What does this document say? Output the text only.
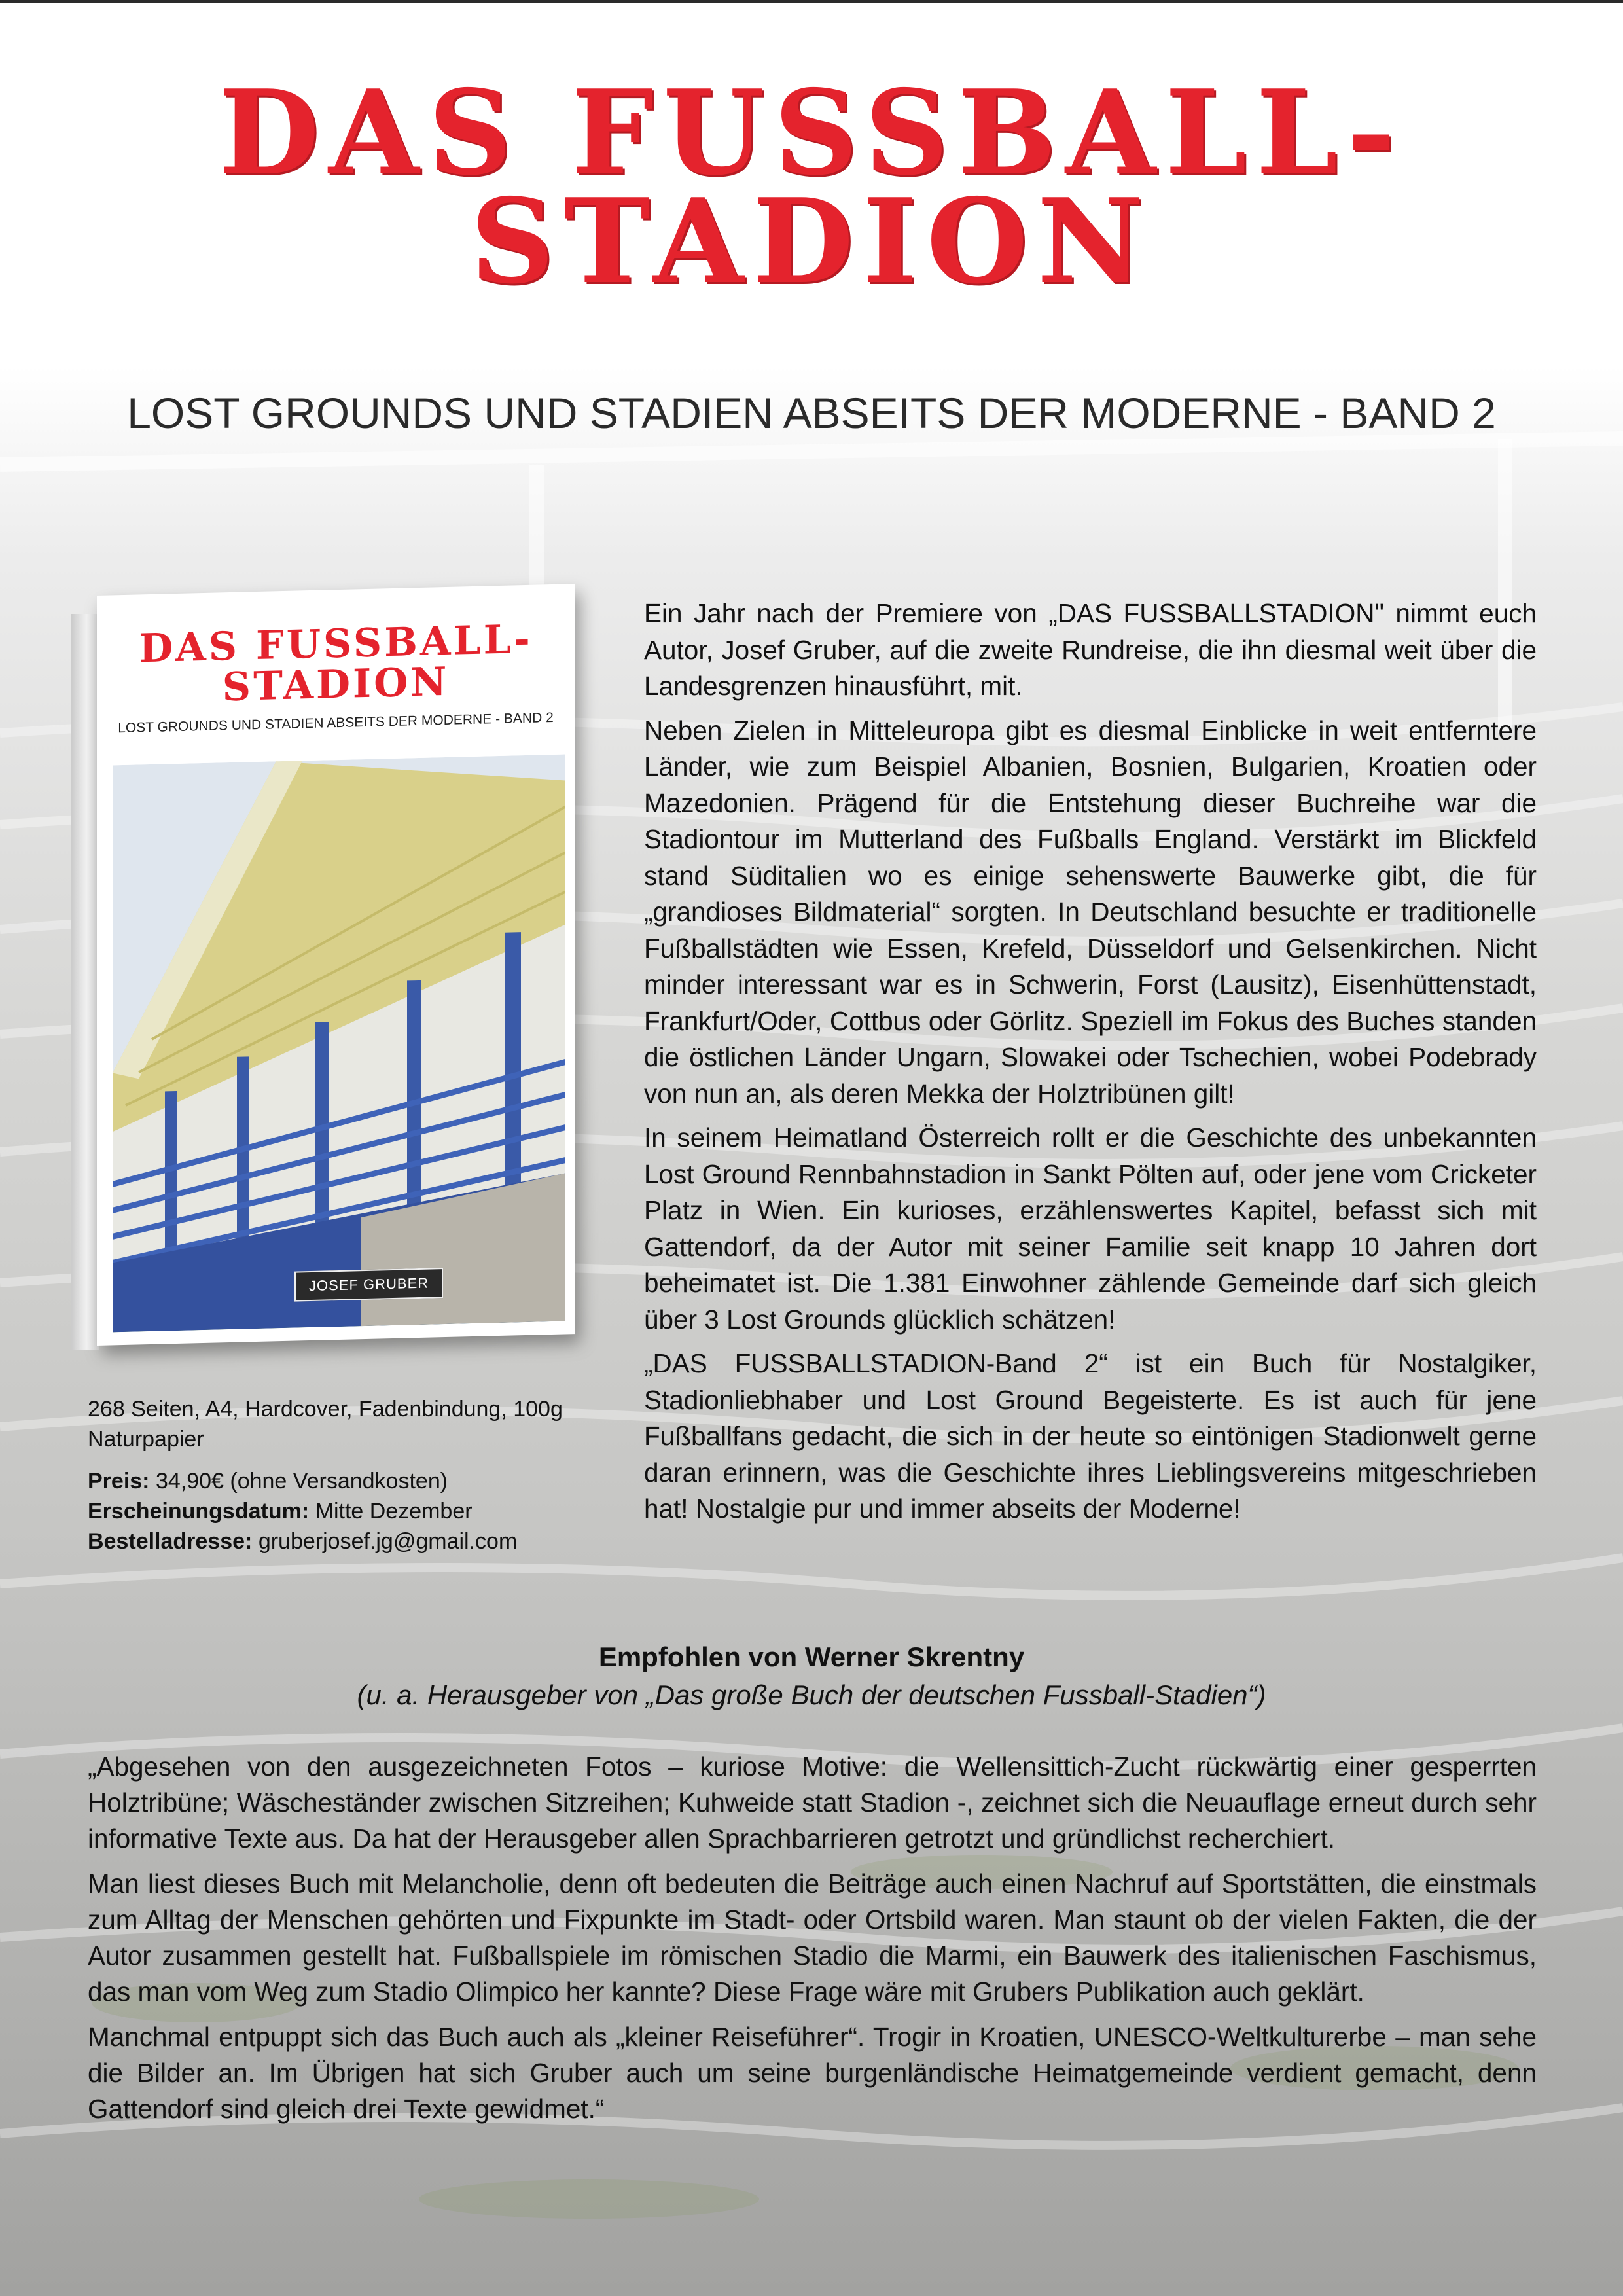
DAS FUSSBALL-
STADION
LOST GROUNDS UND STADIEN ABSEITS DER MODERNE - BAND 2
DAS FUSSBALL-
STADION
LOST GROUNDS UND STADIEN ABSEITS DER MODERNE - BAND 2
JOSEF GRUBER

268 Seiten, A4, Hardcover, Fadenbindung, 100g Naturpapier

Preis: 34,90€ (ohne Versandkosten)
Erscheinungsdatum: Mitte Dezember
Bestelladresse: gruberjosef.jg@gmail.com

Ein Jahr nach der Premiere von „DAS FUSSBALLSTADION" nimmt euch Autor, Josef Gruber, auf die zweite Rundreise, die ihn diesmal weit über die Landesgrenzen hinausführt, mit.

Neben Zielen in Mitteleuropa gibt es diesmal Einblicke in weit entferntere Länder, wie zum Beispiel Albanien, Bosnien, Bulgarien, Kroatien oder Mazedonien. Prägend für die Entstehung dieser Buchreihe war die Stadiontour im Mutterland des Fußballs England. Verstärkt im Blickfeld stand Süditalien wo es einige sehenswerte Bauwerke gibt, die für „grandioses Bildmaterial“ sorgten. In Deutschland besuchte er traditionelle Fußballstädten wie Essen, Krefeld, Düsseldorf und Gelsenkirchen. Nicht minder interessant war es in Schwerin, Forst (Lausitz), Eisenhüttenstadt, Frankfurt/Oder, Cottbus oder Görlitz. Speziell im Fokus des Buches standen die östlichen Länder Ungarn, Slowakei oder Tschechien, wobei Podebrady von nun an, als deren Mekka der Holztribünen gilt!

In seinem Heimatland Österreich rollt er die Geschichte des unbekannten Lost Ground Rennbahnstadion in Sankt Pölten auf, oder jene vom Cricketer Platz in Wien. Ein kurioses, erzählenswertes Kapitel, befasst sich mit Gattendorf, da der Autor mit seiner Familie seit knapp 10 Jahren dort beheimatet ist. Die 1.381 Einwohner zählende Gemeinde darf sich gleich über 3 Lost Grounds glücklich schätzen!

„DAS FUSSBALLSTADION-Band 2“ ist ein Buch für Nostalgiker, Stadionliebhaber und Lost Ground Begeisterte. Es ist auch für jene Fußballfans gedacht, die sich in der heute so eintönigen Stadionwelt gerne daran erinnern, was die Geschichte ihres Lieblingsvereins mitgeschrieben hat! Nostalgie pur und immer abseits der Moderne!

Empfohlen von Werner Skrentny
(u. a. Herausgeber von „Das große Buch der deutschen Fussball-Stadien“)

„Abgesehen von den ausgezeichneten Fotos – kuriose Motive: die Wellensittich-Zucht rückwärtig einer gesperrten Holztribüne; Wäscheständer zwischen Sitzreihen; Kuhweide statt Stadion -, zeichnet sich die Neuauflage erneut durch sehr informative Texte aus. Da hat der Herausgeber allen Sprachbarrieren getrotzt und gründlichst recherchiert.

Man liest dieses Buch mit Melancholie, denn oft bedeuten die Beiträge auch einen Nachruf auf Sportstätten, die einstmals zum Alltag der Menschen gehörten und Fixpunkte im Stadt- oder Ortsbild waren. Man staunt ob der vielen Fakten, die der Autor zusammen gestellt hat. Fußballspiele im römischen Stadio die Marmi, ein Bauwerk des italienischen Faschismus, das man vom Weg zum Stadio Olimpico her kannte? Diese Frage wäre mit Grubers Publikation auch geklärt.

Manchmal entpuppt sich das Buch auch als „kleiner Reiseführer“. Trogir in Kroatien, UNESCO-Weltkulturerbe – man sehe die Bilder an. Im Übrigen hat sich Gruber auch um seine burgenländische Heimatgemeinde verdient gemacht, denn Gattendorf sind gleich drei Texte gewidmet.“
